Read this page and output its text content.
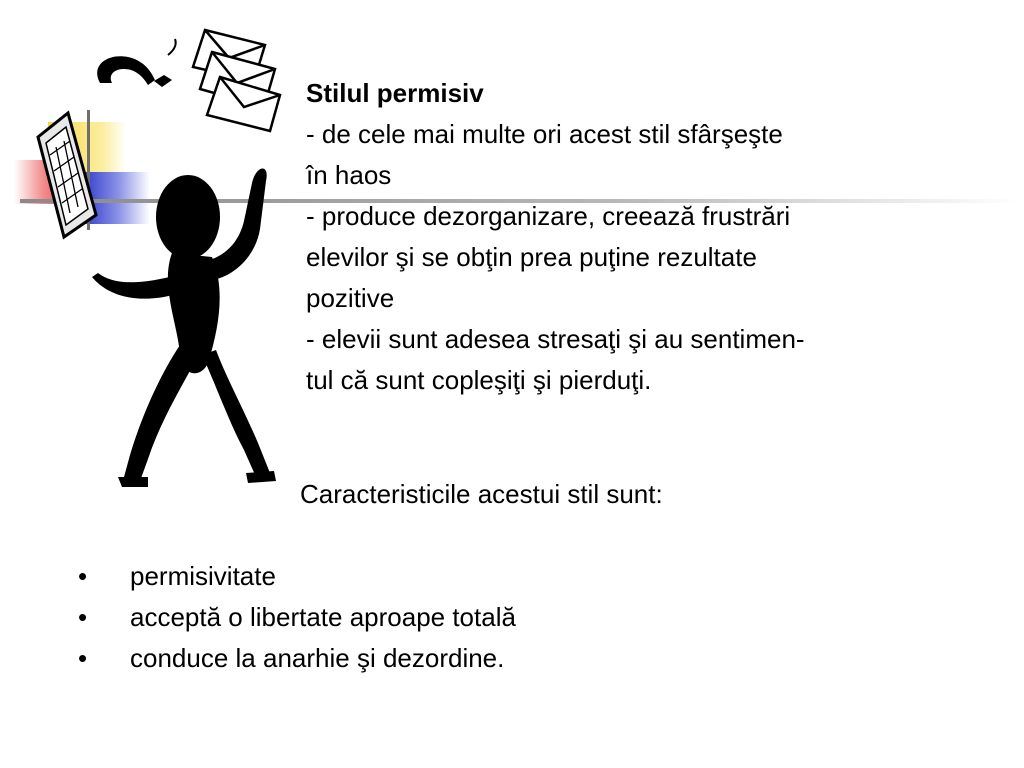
Stilul permisiv
- de cele mai multe ori acest stil sfârşeşte
în haos
- produce dezorganizare, creează frustrări
elevilor şi se obţin prea puţine rezultate
pozitive
- elevii sunt adesea stresaţi şi au sentimen-
tul că sunt copleşiţi şi pierduţi.
Caracteristicile acestui stil sunt:
•	permisivitate
•	acceptă o libertate aproape totală
•	conduce la anarhie şi dezordine.
